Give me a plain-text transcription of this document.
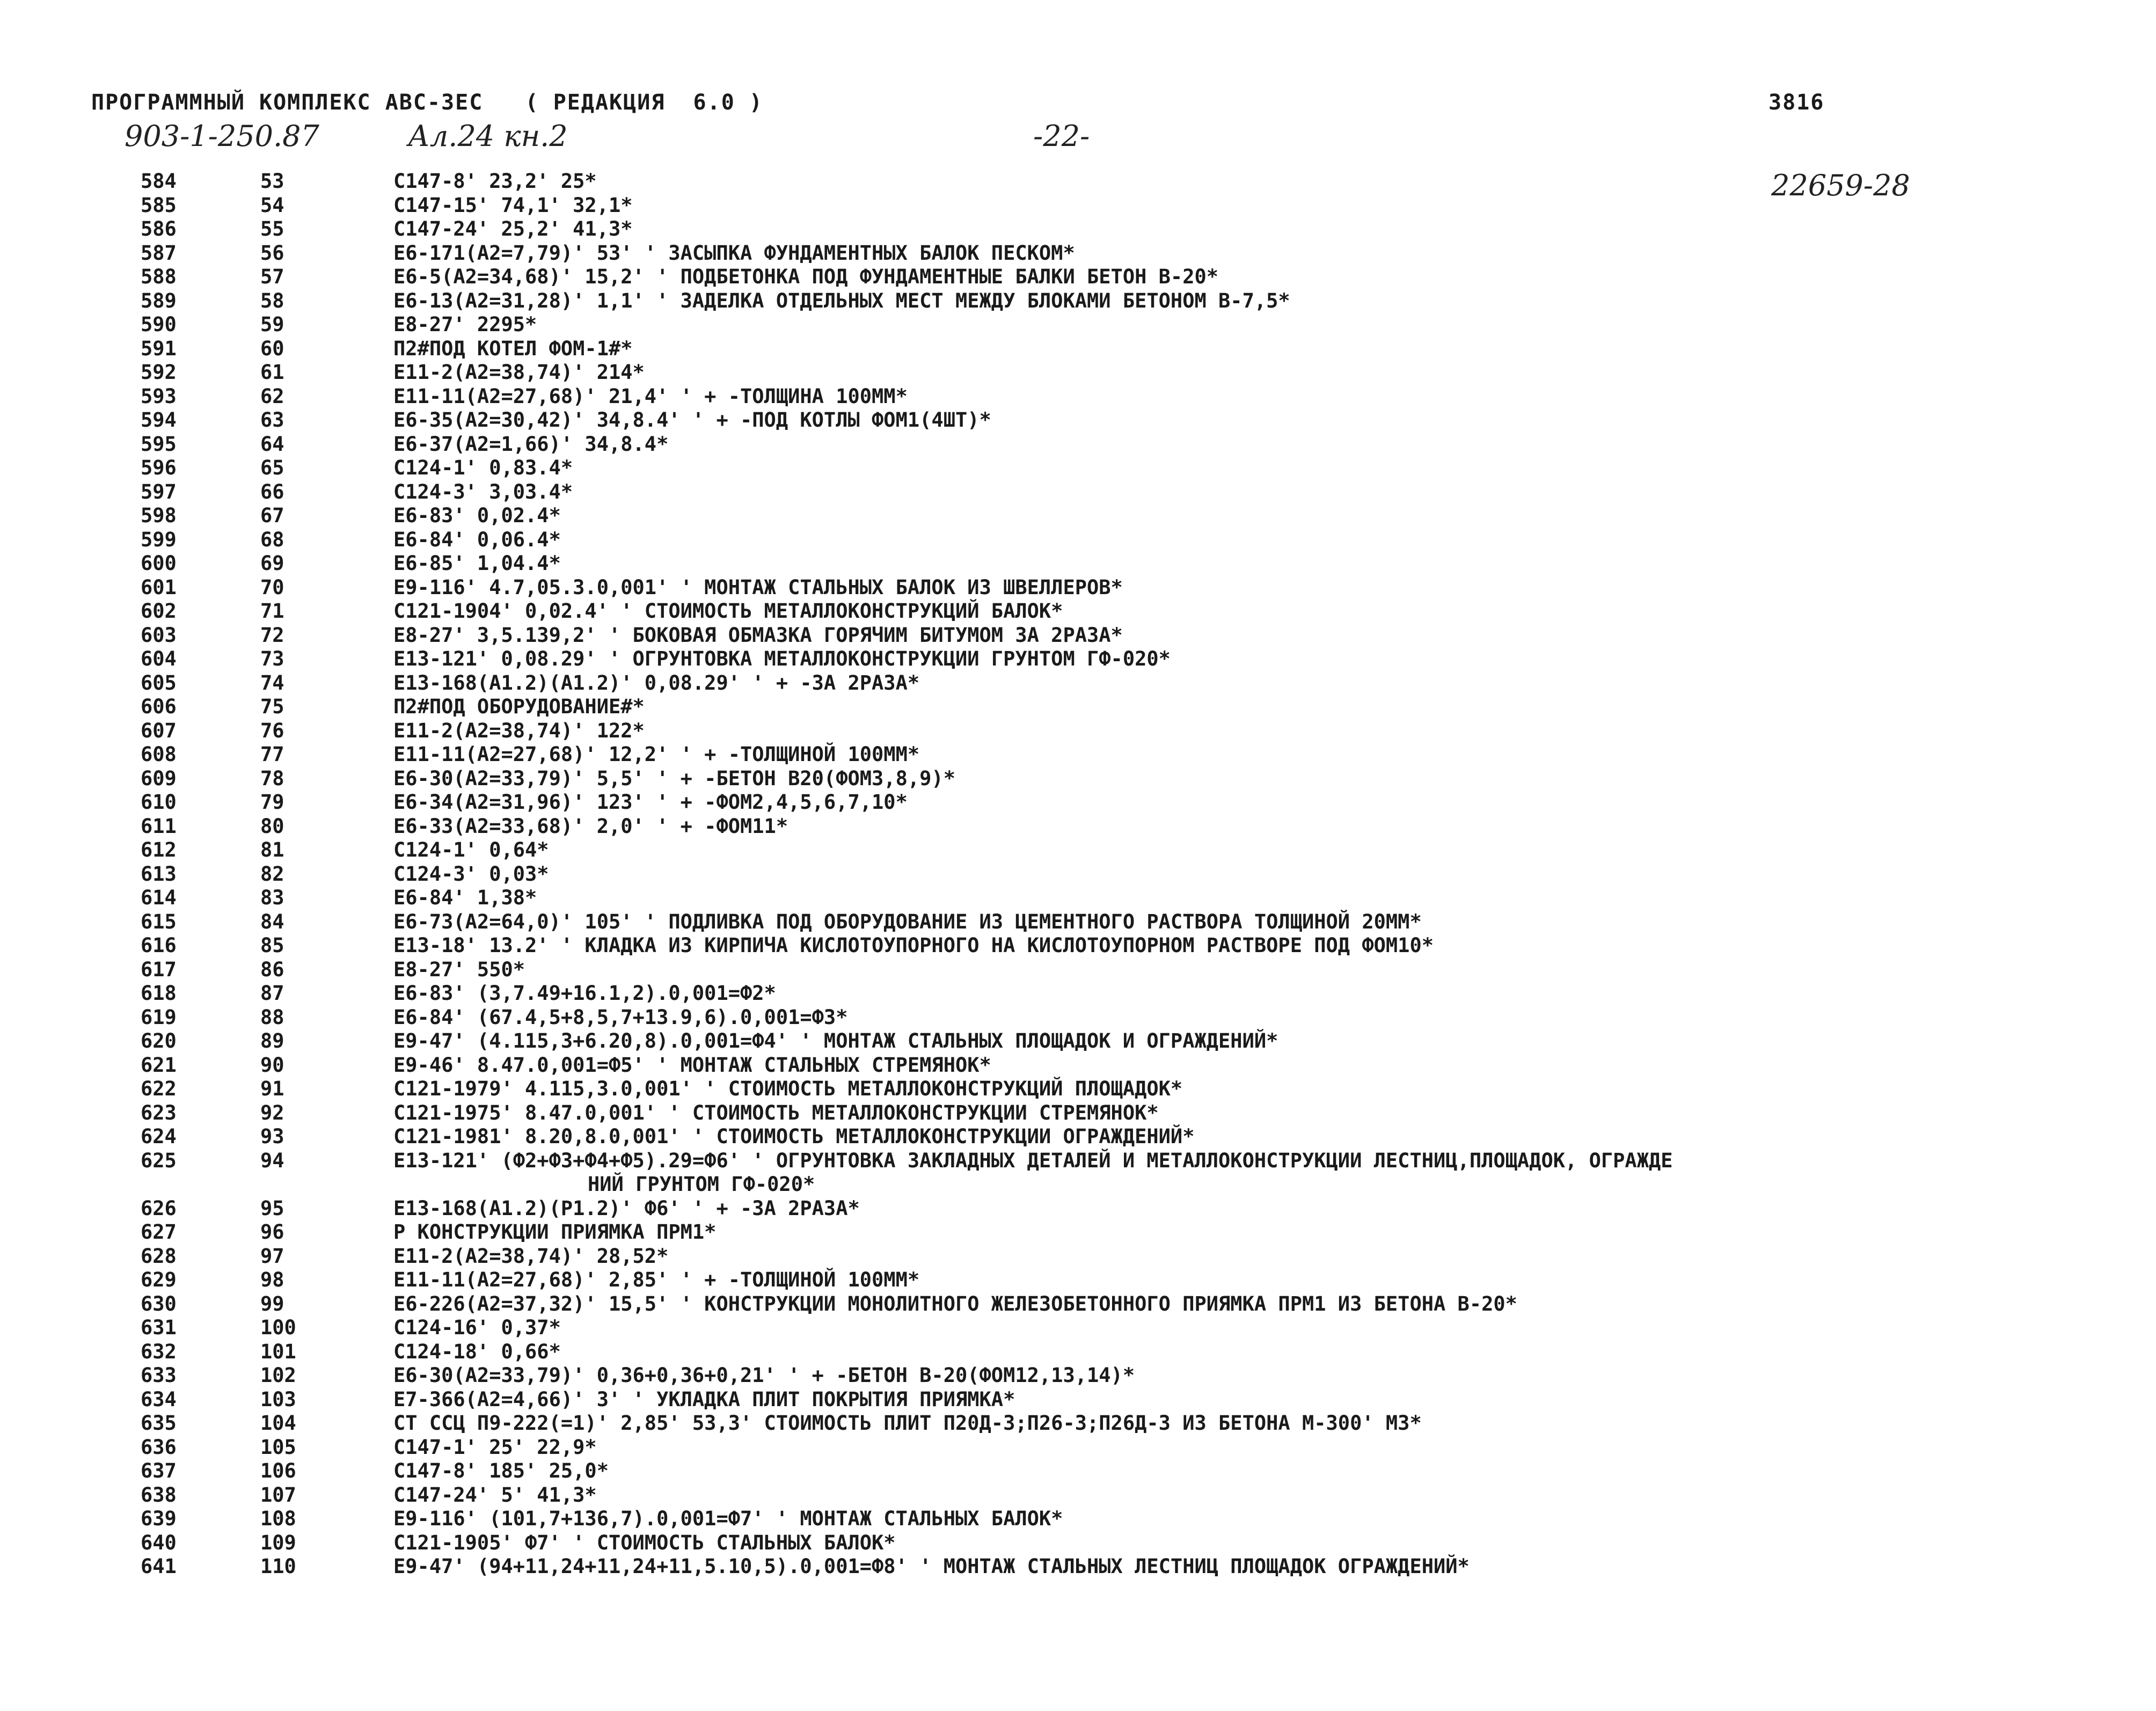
ПРОГРАММНЫЙ КОМПЛЕКС АВС-3ЕС   ( РЕДАКЦИЯ  6.0 )	3816
903-1-250.87	Ал.24 кн.2	-22-
22659-28
584	53	C147-8' 23,2' 25*
585	54	C147-15' 74,1' 32,1*
586	55	C147-24' 25,2' 41,3*
587	56	E6-171(A2=7,79)' 53' ' ЗАСЫПКА ФУНДАМЕНТНЫХ БАЛОК ПЕСКОМ*
588	57	E6-5(A2=34,68)' 15,2' ' ПОДБЕТОНКА ПОД ФУНДАМЕНТНЫЕ БАЛКИ БЕТОН В-20*
589	58	E6-13(A2=31,28)' 1,1' ' ЗАДЕЛКА ОТДЕЛЬНЫХ МЕСТ МЕЖДУ БЛОКАМИ БЕТОНОМ В-7,5*
590	59	E8-27' 2295*
591	60	П2#ПОД КОТЕЛ ФОМ-1#*
592	61	E11-2(A2=38,74)' 214*
593	62	E11-11(A2=27,68)' 21,4' ' + -ТОЛЩИНА 100ММ*
594	63	E6-35(A2=30,42)' 34,8.4' ' + -ПОД КОТЛЫ ФОМ1(4ШТ)*
595	64	E6-37(A2=1,66)' 34,8.4*
596	65	C124-1' 0,83.4*
597	66	C124-3' 3,03.4*
598	67	E6-83' 0,02.4*
599	68	E6-84' 0,06.4*
600	69	E6-85' 1,04.4*
601	70	E9-116' 4.7,05.3.0,001' ' МОНТАЖ СТАЛЬНЫХ БАЛОК ИЗ ШВЕЛЛЕРОВ*
602	71	C121-1904' 0,02.4' ' СТОИМОСТЬ МЕТАЛЛОКОНСТРУКЦИЙ БАЛОК*
603	72	E8-27' 3,5.139,2' ' БОКОВАЯ ОБМАЗКА ГОРЯЧИМ БИТУМОМ ЗА 2РАЗА*
604	73	E13-121' 0,08.29' ' ОГРУНТОВКА МЕТАЛЛОКОНСТРУКЦИИ ГРУНТОМ ГФ-020*
605	74	E13-168(A1.2)(A1.2)' 0,08.29' ' + -ЗА 2РАЗА*
606	75	П2#ПОД ОБОРУДОВАНИЕ#*
607	76	E11-2(A2=38,74)' 122*
608	77	E11-11(A2=27,68)' 12,2' ' + -ТОЛЩИНОЙ 100ММ*
609	78	E6-30(A2=33,79)' 5,5' ' + -БЕТОН В20(ФОМ3,8,9)*
610	79	E6-34(A2=31,96)' 123' ' + -ФОМ2,4,5,6,7,10*
611	80	E6-33(A2=33,68)' 2,0' ' + -ФОМ11*
612	81	C124-1' 0,64*
613	82	C124-3' 0,03*
614	83	E6-84' 1,38*
615	84	E6-73(A2=64,0)' 105' ' ПОДЛИВКА ПОД ОБОРУДОВАНИЕ ИЗ ЦЕМЕНТНОГО РАСТВОРА ТОЛЩИНОЙ 20ММ*
616	85	E13-18' 13.2' ' КЛАДКА ИЗ КИРПИЧА КИСЛОТОУПОРНОГО НА КИСЛОТОУПОРНОМ РАСТВОРЕ ПОД ФОМ10*
617	86	E8-27' 550*
618	87	E6-83' (3,7.49+16.1,2).0,001=Ф2*
619	88	E6-84' (67.4,5+8,5,7+13.9,6).0,001=Ф3*
620	89	E9-47' (4.115,3+6.20,8).0,001=Ф4' ' МОНТАЖ СТАЛЬНЫХ ПЛОЩАДОК И ОГРАЖДЕНИЙ*
621	90	E9-46' 8.47.0,001=Ф5' ' МОНТАЖ СТАЛЬНЫХ СТРЕМЯНОК*
622	91	C121-1979' 4.115,3.0,001' ' СТОИМОСТЬ МЕТАЛЛОКОНСТРУКЦИЙ ПЛОЩАДОК*
623	92	C121-1975' 8.47.0,001' ' СТОИМОСТЬ МЕТАЛЛОКОНСТРУКЦИИ СТРЕМЯНОК*
624	93	C121-1981' 8.20,8.0,001' ' СТОИМОСТЬ МЕТАЛЛОКОНСТРУКЦИИ ОГРАЖДЕНИЙ*
625	94	E13-121' (Ф2+Ф3+Ф4+Ф5).29=Ф6' ' ОГРУНТОВКА ЗАКЛАДНЫХ ДЕТАЛЕЙ И МЕТАЛЛОКОНСТРУКЦИИ ЛЕСТНИЦ,ПЛОЩАДОК, ОГРАЖДЕ
НИЙ ГРУНТОМ ГФ-020*
626	95	E13-168(A1.2)(P1.2)' Ф6' ' + -ЗА 2РАЗА*
627	96	Р КОНСТРУКЦИИ ПРИЯМКА ПРМ1*
628	97	E11-2(A2=38,74)' 28,52*
629	98	E11-11(A2=27,68)' 2,85' ' + -ТОЛЩИНОЙ 100ММ*
630	99	E6-226(A2=37,32)' 15,5' ' КОНСТРУКЦИИ МОНОЛИТНОГО ЖЕЛЕЗОБЕТОННОГО ПРИЯМКА ПРМ1 ИЗ БЕТОНА В-20*
631	100	C124-16' 0,37*
632	101	C124-18' 0,66*
633	102	E6-30(A2=33,79)' 0,36+0,36+0,21' ' + -БЕТОН В-20(ФОМ12,13,14)*
634	103	E7-366(A2=4,66)' 3' ' УКЛАДКА ПЛИТ ПОКРЫТИЯ ПРИЯМКА*
635	104	СТ ССЦ П9-222(=1)' 2,85' 53,3' СТОИМОСТЬ ПЛИТ П20Д-3;П26-3;П26Д-3 ИЗ БЕТОНА М-300' М3*
636	105	C147-1' 25' 22,9*
637	106	C147-8' 185' 25,0*
638	107	C147-24' 5' 41,3*
639	108	E9-116' (101,7+136,7).0,001=Ф7' ' МОНТАЖ СТАЛЬНЫХ БАЛОК*
640	109	C121-1905' Ф7' ' СТОИМОСТЬ СТАЛЬНЫХ БАЛОК*
641	110	E9-47' (94+11,24+11,24+11,5.10,5).0,001=Ф8' ' МОНТАЖ СТАЛЬНЫХ ЛЕСТНИЦ ПЛОЩАДОК ОГРАЖДЕНИЙ*
